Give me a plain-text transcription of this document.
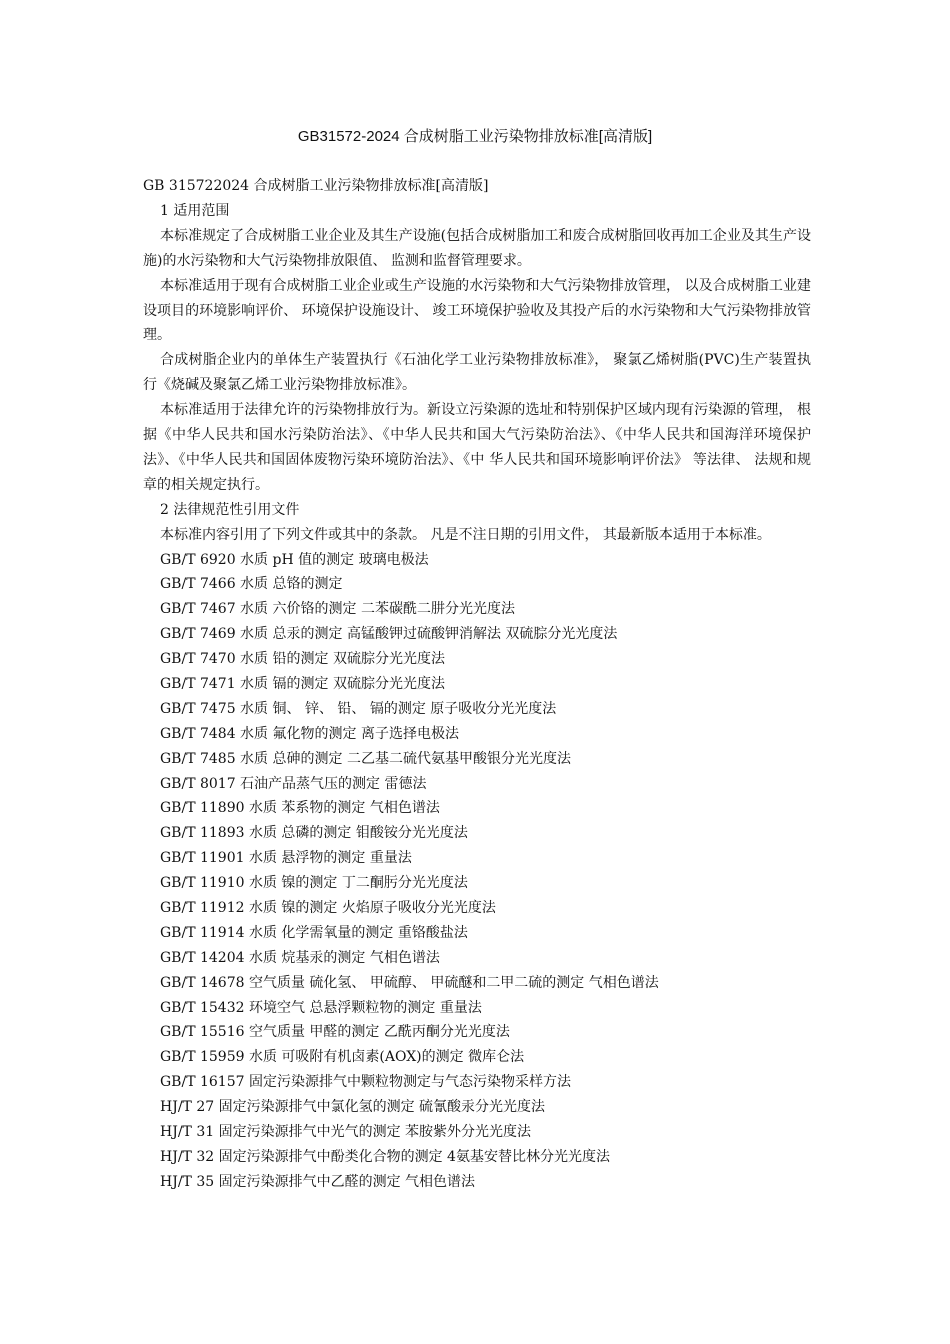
GB31572-2024 合成树脂工业污染物排放标准[高清版]
GB 315722024 合成树脂工业污染物排放标准[高清版]
1 适用范围
本标准规定了合成树脂工业企业及其生产设施(包括合成树脂加工和废合成树脂回收再加工企业及其生产设施)的水污染物和大气污染物排放限值、 监测和监督管理要求。
本标准适用于现有合成树脂工业企业或生产设施的水污染物和大气污染物排放管理， 以及合成树脂工业建设项目的环境影响评价、 环境保护设施设计、 竣工环境保护验收及其投产后的水污染物和大气污染物排放管理。
合成树脂企业内的单体生产装置执行《石油化学工业污染物排放标准》， 聚氯乙烯树脂(PVC)生产装置执行《烧碱及聚氯乙烯工业污染物排放标准》。
本标准适用于法律允许的污染物排放行为。新设立污染源的选址和特别保护区域内现有污染源的管理， 根据《中华人民共和国水污染防治法》、《中华人民共和国大气污染防治法》、《中华人民共和国海洋环境保护法》、《中华人民共和国固体废物污染环境防治法》、《中 华人民共和国环境影响评价法》 等法律、 法规和规章的相关规定执行。
2 法律规范性引用文件
本标准内容引用了下列文件或其中的条款。 凡是不注日期的引用文件， 其最新版本适用于本标准。
GB/T 6920 水质 pH 值的测定 玻璃电极法
GB/T 7466 水质 总铬的测定
GB/T 7467 水质 六价铬的测定 二苯碳酰二肼分光光度法
GB/T 7469 水质 总汞的测定 高锰酸钾过硫酸钾消解法 双硫腙分光光度法
GB/T 7470 水质 铅的测定 双硫腙分光光度法
GB/T 7471 水质 镉的测定 双硫腙分光光度法
GB/T 7475 水质 铜、 锌、 铅、 镉的测定 原子吸收分光光度法
GB/T 7484 水质 氟化物的测定 离子选择电极法
GB/T 7485 水质 总砷的测定 二乙基二硫代氨基甲酸银分光光度法
GB/T 8017 石油产品蒸气压的测定 雷德法
GB/T 11890 水质 苯系物的测定 气相色谱法
GB/T 11893 水质 总磷的测定 钼酸铵分光光度法
GB/T 11901 水质 悬浮物的测定 重量法
GB/T 11910 水质 镍的测定 丁二酮肟分光光度法
GB/T 11912 水质 镍的测定 火焰原子吸收分光光度法
GB/T 11914 水质 化学需氧量的测定 重铬酸盐法
GB/T 14204 水质 烷基汞的测定 气相色谱法
GB/T 14678 空气质量 硫化氢、 甲硫醇、 甲硫醚和二甲二硫的测定 气相色谱法
GB/T 15432 环境空气 总悬浮颗粒物的测定 重量法
GB/T 15516 空气质量 甲醛的测定 乙酰丙酮分光光度法
GB/T 15959 水质 可吸附有机卤素(AOX)的测定 微库仑法
GB/T 16157 固定污染源排气中颗粒物测定与气态污染物采样方法
HJ/T 27 固定污染源排气中氯化氢的测定 硫氰酸汞分光光度法
HJ/T 31 固定污染源排气中光气的测定 苯胺紫外分光光度法
HJ/T 32 固定污染源排气中酚类化合物的测定 4氨基安替比林分光光度法
HJ/T 35 固定污染源排气中乙醛的测定 气相色谱法
